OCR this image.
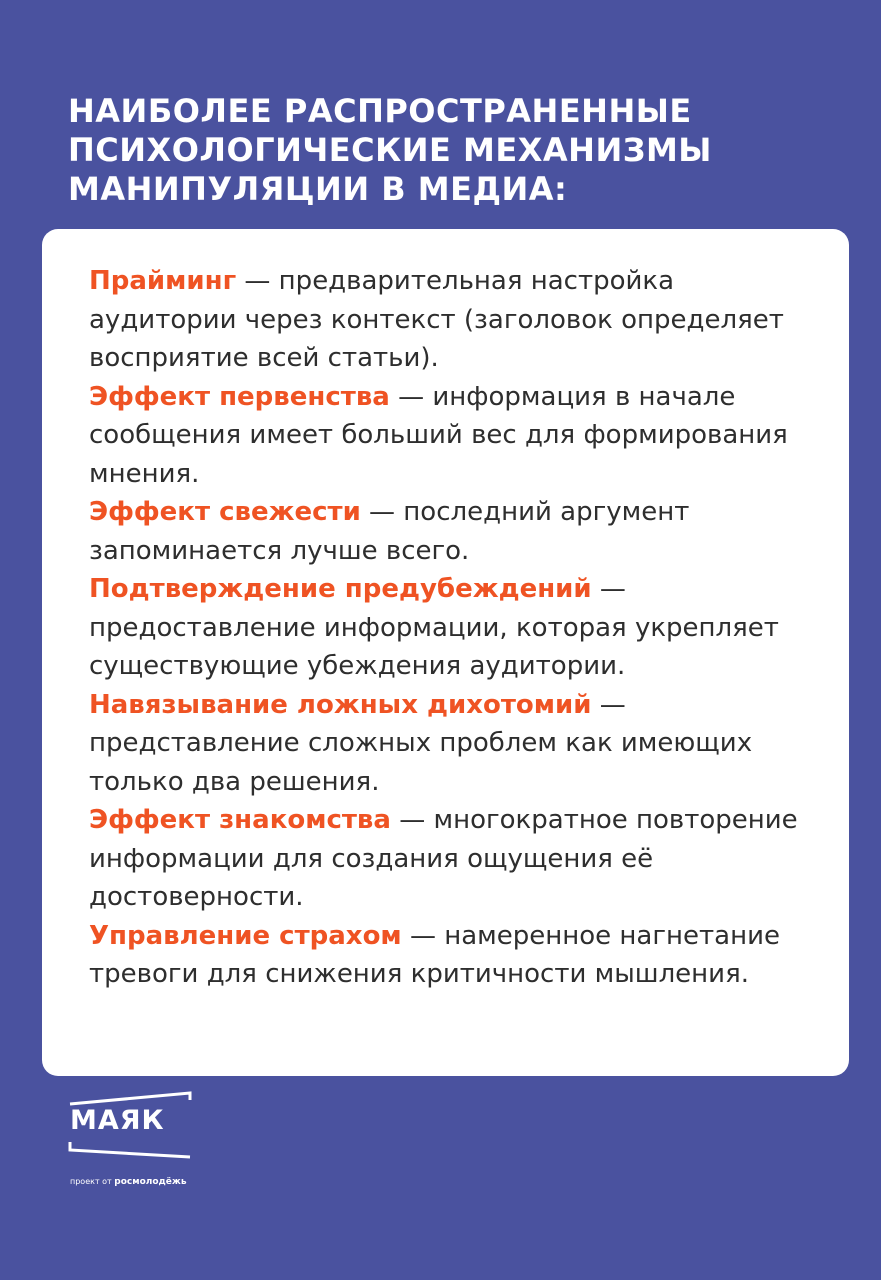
НАИБОЛЕЕ РАСПРОСТРАНЕННЫЕ
ПСИХОЛОГИЧЕСКИЕ МЕХАНИЗМЫ
МАНИПУЛЯЦИИ В МЕДИА:

Прайминг — предварительная настройка аудитории через контекст (заголовок определяет восприятие всей статьи).

Эффект первенства — информация в начале сообщения имеет больший вес для формирования мнения.

Эффект свежести — последний аргумент запоминается лучше всего.

Подтверждение предубеждений — предоставление информации, которая укрепляет существующие убеждения аудитории.

Навязывание ложных дихотомий — представление сложных проблем как имеющих только два решения.

Эффект знакомства — многократное повторение информации для создания ощущения её достоверности.

Управление страхом — намеренное нагнетание тревоги для снижения критичности мышления.

МАЯК
проект от росмолодёжь
